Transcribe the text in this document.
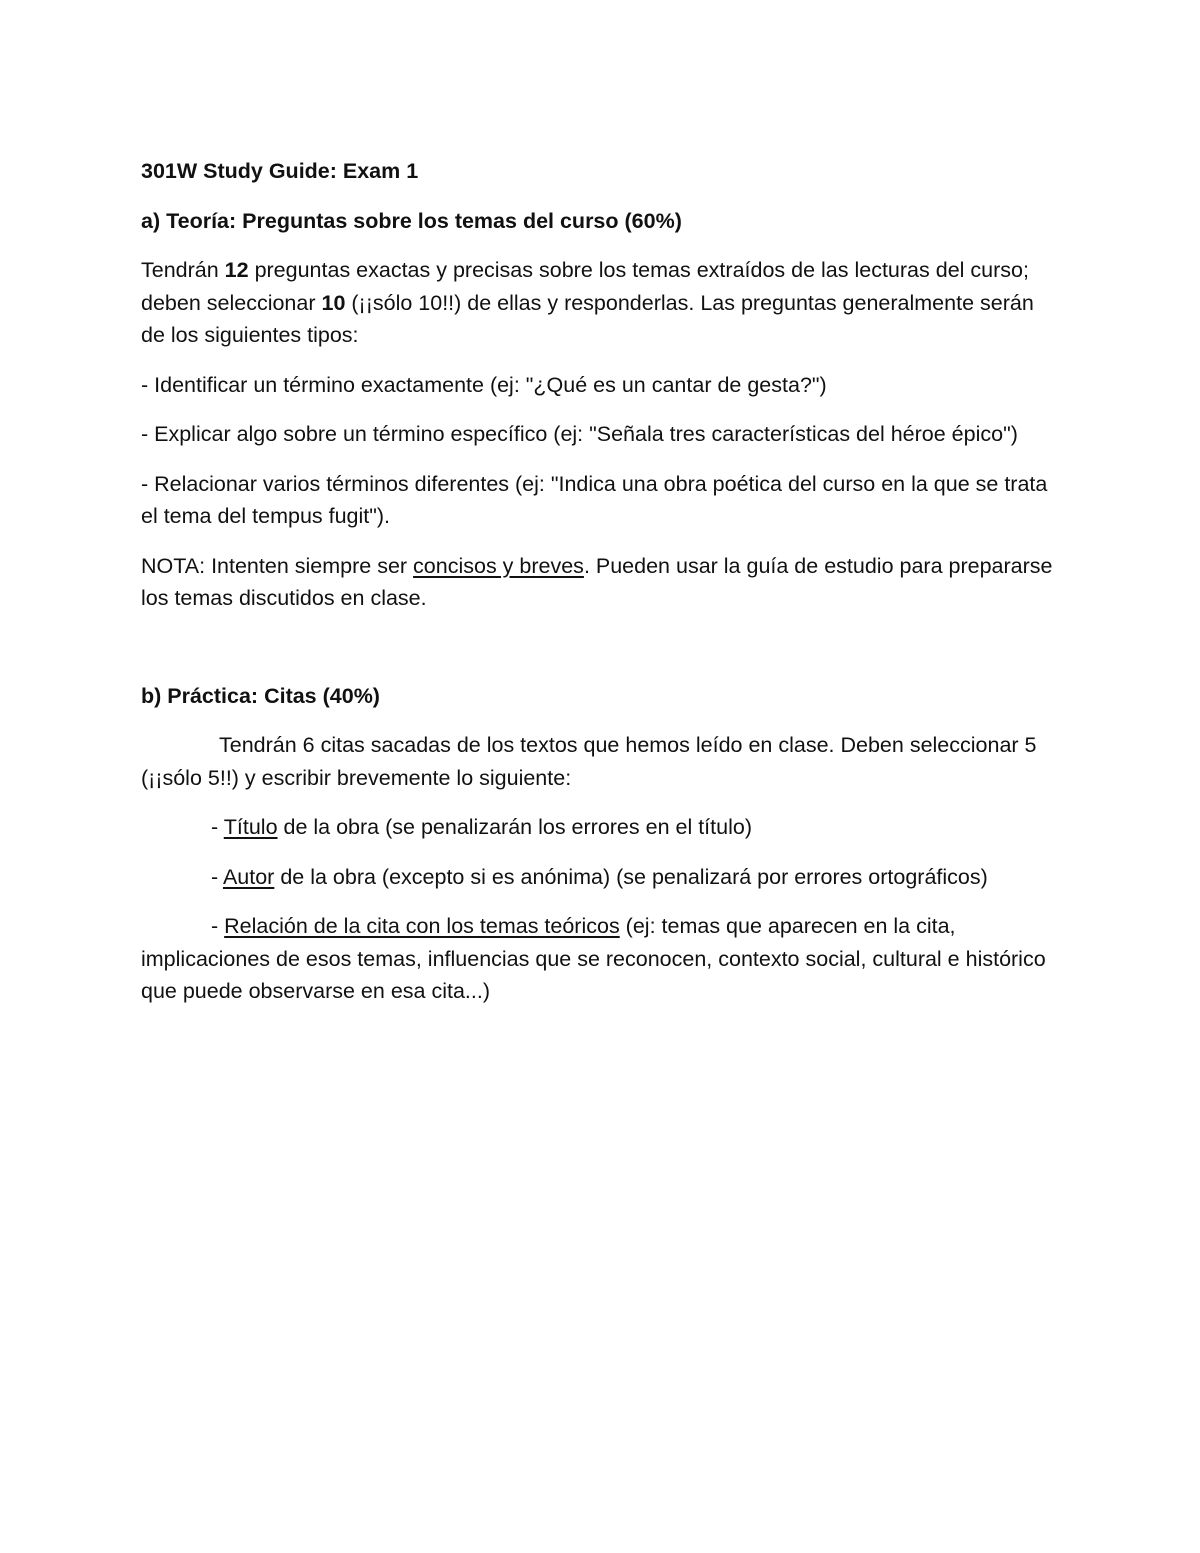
301W Study Guide: Exam 1

a) Teoría: Preguntas sobre los temas del curso (60%)

Tendrán 12 preguntas exactas y precisas sobre los temas extraídos de las lecturas del curso; deben seleccionar 10 (¡¡sólo 10!!) de ellas y responderlas. Las preguntas generalmente serán de los siguientes tipos:

- Identificar un término exactamente (ej: "¿Qué es un cantar de gesta?")

- Explicar algo sobre un término específico (ej: "Señala tres características del héroe épico")

- Relacionar varios términos diferentes (ej: "Indica una obra poética del curso en la que se trata el tema del tempus fugit").

NOTA: Intenten siempre ser concisos y breves. Pueden usar la guía de estudio para prepararse los temas discutidos en clase.

b) Práctica: Citas (40%)

Tendrán 6 citas sacadas de los textos que hemos leído en clase. Deben seleccionar 5 (¡¡sólo 5!!) y escribir brevemente lo siguiente:

- Título de la obra (se penalizarán los errores en el título)

- Autor de la obra (excepto si es anónima) (se penalizará por errores ortográficos)

- Relación de la cita con los temas teóricos (ej: temas que aparecen en la cita, implicaciones de esos temas, influencias que se reconocen, contexto social, cultural e histórico que puede observarse en esa cita...)
